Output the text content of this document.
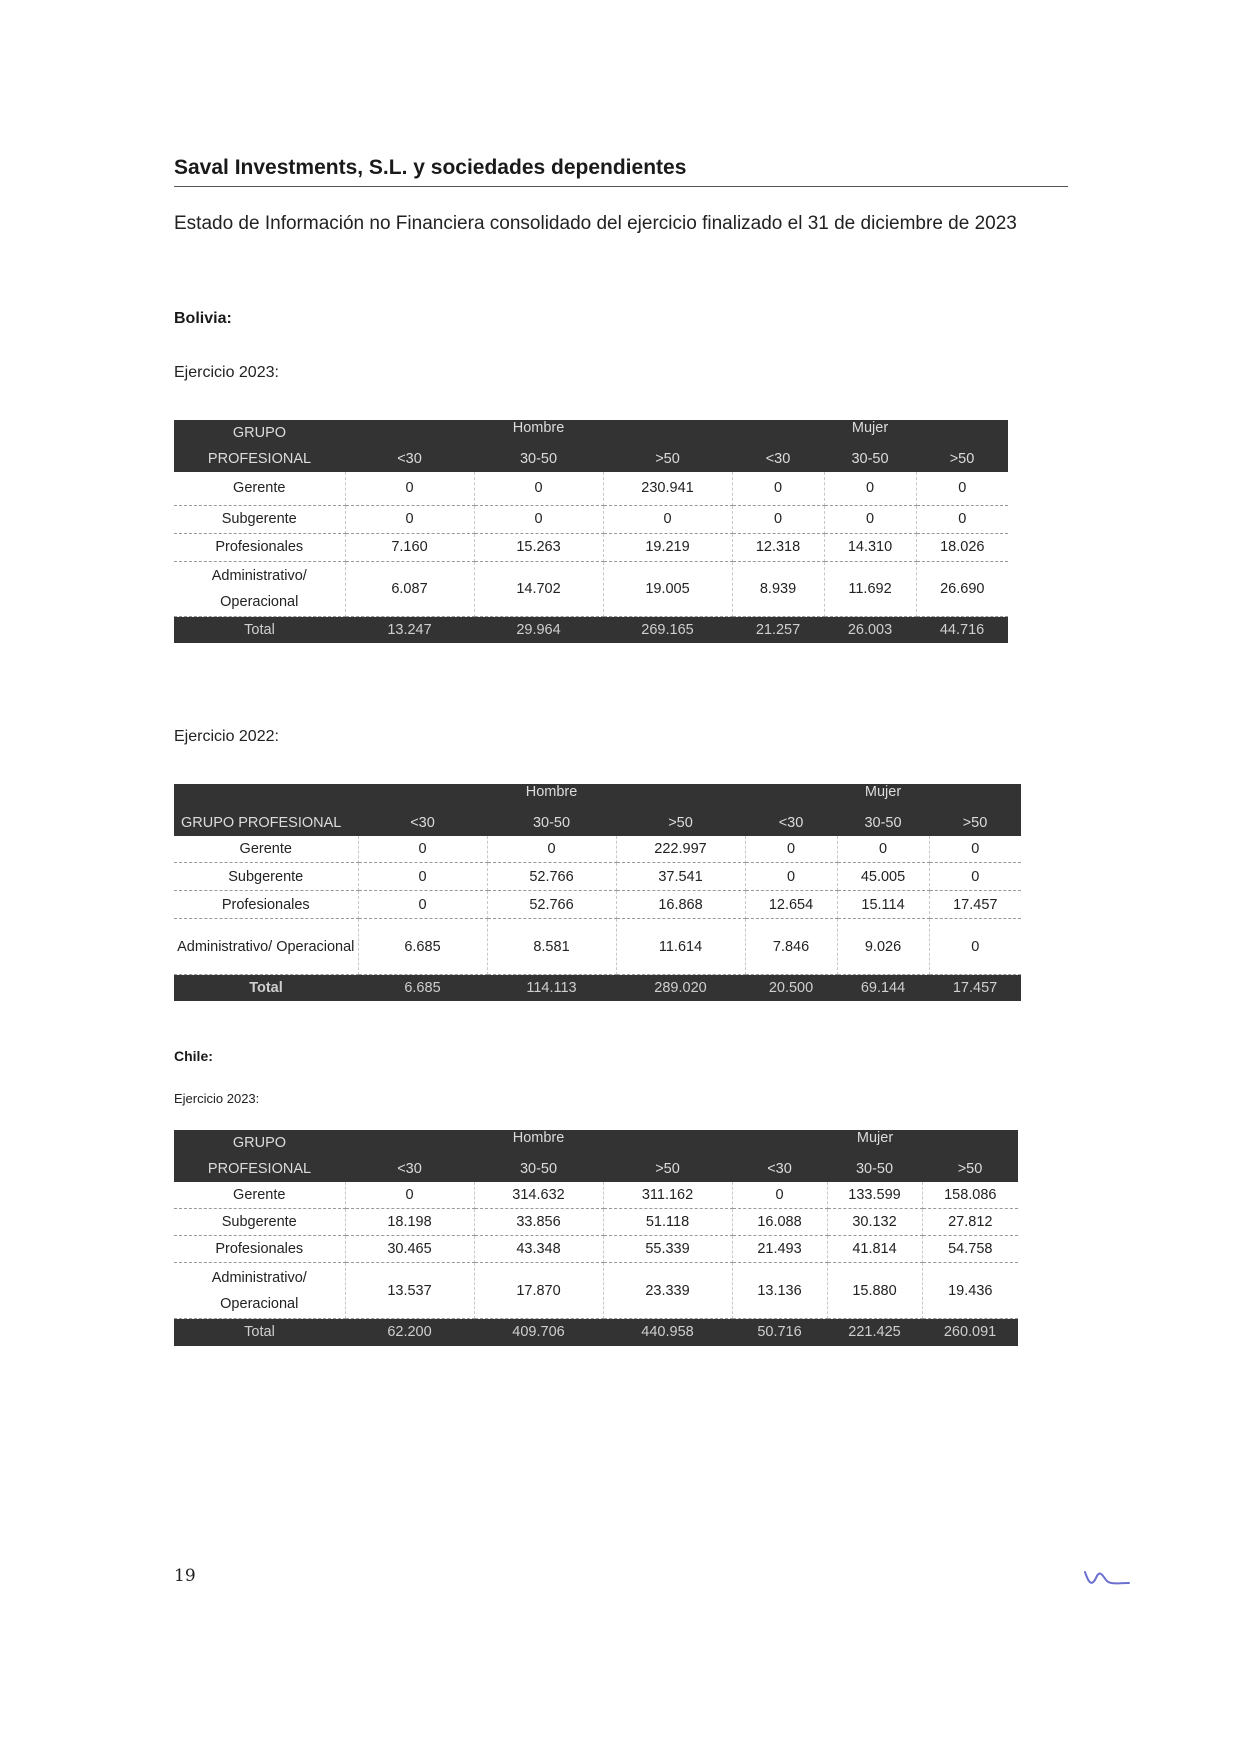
Saval Investments, S.L. y sociedades dependientes
Estado de Información no Financiera consolidado del ejercicio finalizado el 31 de diciembre de 2023
Bolivia:
Ejercicio 2023:
GRUPO PROFESIONAL	Hombre			Mujer		
	<30	30-50	>50	<30	30-50	>50
Gerente	0	0	230.941	0	0	0
Subgerente	0	0	0	0	0	0
Profesionales	7.160	15.263	19.219	12.318	14.310	18.026
Administrativo/ Operacional	6.087	14.702	19.005	8.939	11.692	26.690
Total	13.247	29.964	269.165	21.257	26.003	44.716
Ejercicio 2022:
GRUPO PROFESIONAL	Hombre			Mujer		
	<30	30-50	>50	<30	30-50	>50
Gerente	0	0	222.997	0	0	0
Subgerente	0	52.766	37.541	0	45.005	0
Profesionales	0	52.766	16.868	12.654	15.114	17.457
Administrativo/ Operacional	6.685	8.581	11.614	7.846	9.026	0
Total	6.685	114.113	289.020	20.500	69.144	17.457
Chile:
Ejercicio 2023:
GRUPO PROFESIONAL	Hombre			Mujer		
	<30	30-50	>50	<30	30-50	>50
Gerente	0	314.632	311.162	0	133.599	158.086
Subgerente	18.198	33.856	51.118	16.088	30.132	27.812
Profesionales	30.465	43.348	55.339	21.493	41.814	54.758
Administrativo/ Operacional	13.537	17.870	23.339	13.136	15.880	19.436
Total	62.200	409.706	440.958	50.716	221.425	260.091
19
